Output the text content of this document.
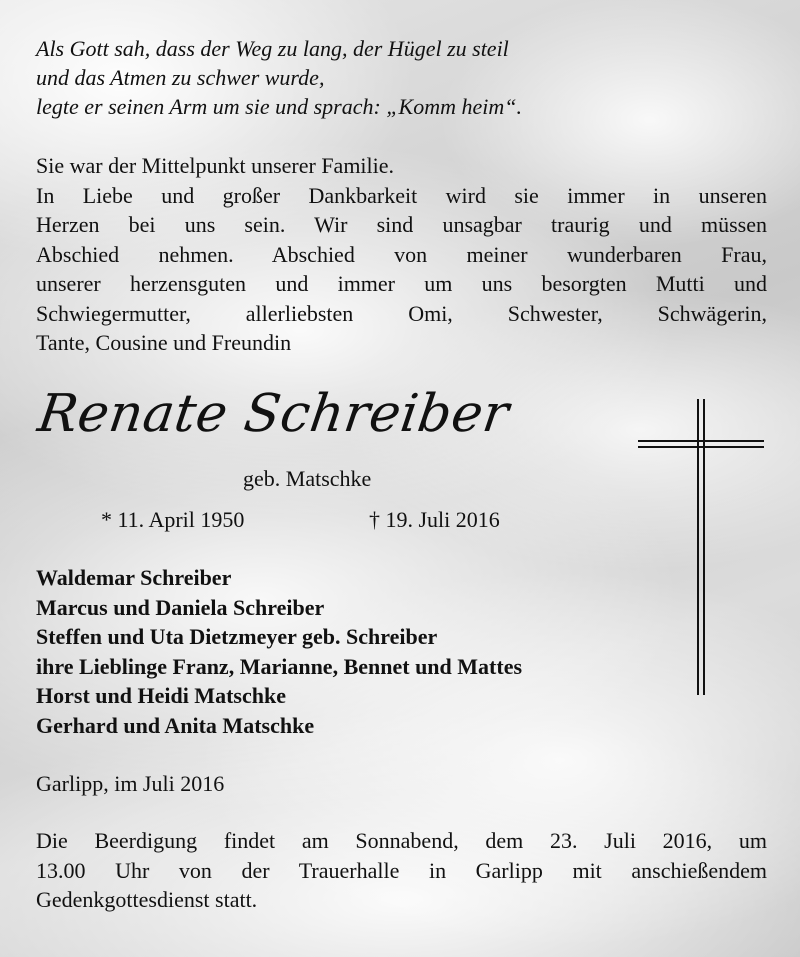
Als Gott sah, dass der Weg zu lang, der Hügel zu steil
und das Atmen zu schwer wurde,
legte er seinen Arm um sie und sprach: „Komm heim“.
Sie war der Mittelpunkt unserer Familie.
In Liebe und großer Dankbarkeit wird sie immer in unseren
Herzen bei uns sein. Wir sind unsagbar traurig und müssen
Abschied nehmen. Abschied von meiner wunderbaren Frau,
unserer herzensguten und immer um uns besorgten Mutti und
Schwiegermutter, allerliebsten Omi, Schwester, Schwägerin,
Tante, Cousine und Freundin
Renate Schreiber
geb. Matschke
* 11. April 1950	† 19. Juli 2016
Waldemar Schreiber
Marcus und Daniela Schreiber
Steffen und Uta Dietzmeyer geb. Schreiber
ihre Lieblinge Franz, Marianne, Bennet und Mattes
Horst und Heidi Matschke
Gerhard und Anita Matschke
Garlipp, im Juli 2016
Die Beerdigung findet am Sonnabend, dem 23. Juli 2016, um
13.00 Uhr von der Trauerhalle in Garlipp mit anschießendem
Gedenkgottesdienst statt.
